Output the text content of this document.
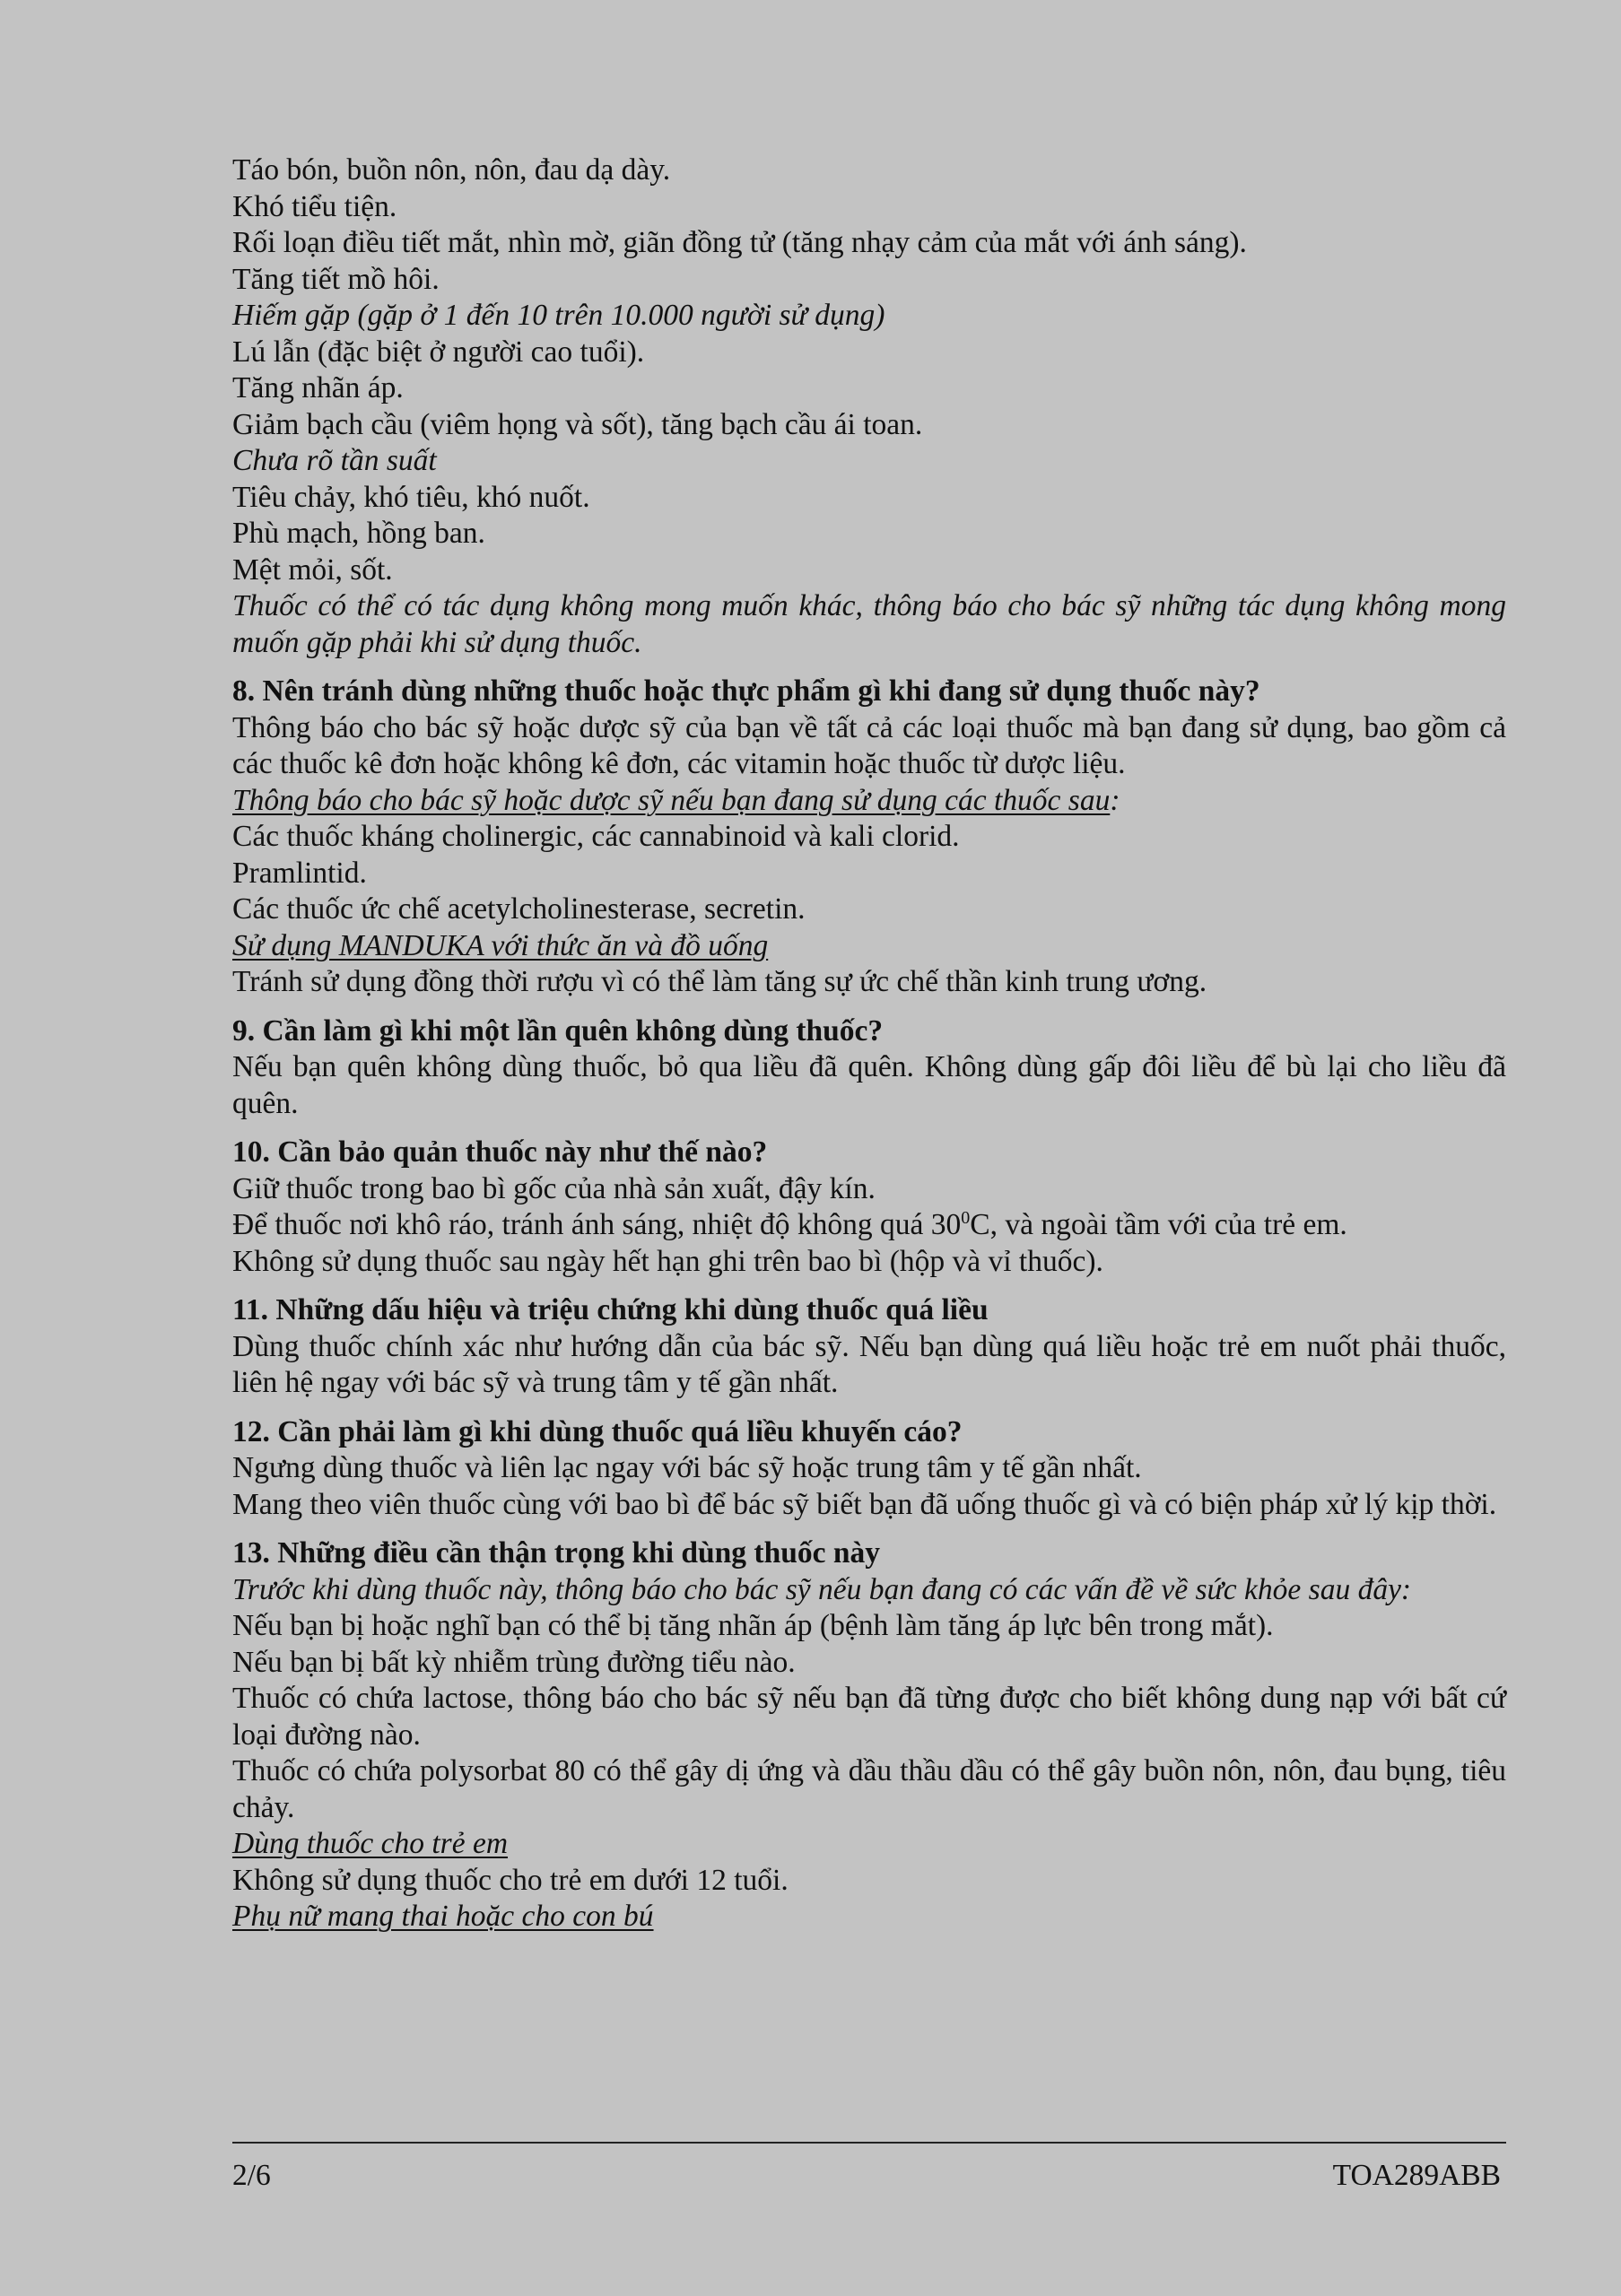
Táo bón, buồn nôn, nôn, đau dạ dày.
Khó tiểu tiện.
Rối loạn điều tiết mắt, nhìn mờ, giãn đồng tử (tăng nhạy cảm của mắt với ánh sáng).
Tăng tiết mồ hôi.
Hiếm gặp (gặp ở 1 đến 10 trên 10.000 người sử dụng)
Lú lẫn (đặc biệt ở người cao tuổi).
Tăng nhãn áp.
Giảm bạch cầu (viêm họng và sốt), tăng bạch cầu ái toan.
Chưa rõ tần suất
Tiêu chảy, khó tiêu, khó nuốt.
Phù mạch, hồng ban.
Mệt mỏi, sốt.
Thuốc có thể có tác dụng không mong muốn khác, thông báo cho bác sỹ những tác dụng không mong muốn gặp phải khi sử dụng thuốc.
8. Nên tránh dùng những thuốc hoặc thực phẩm gì khi đang sử dụng thuốc này?
Thông báo cho bác sỹ hoặc dược sỹ của bạn về tất cả các loại thuốc mà bạn đang sử dụng, bao gồm cả các thuốc kê đơn hoặc không kê đơn, các vitamin hoặc thuốc từ dược liệu.
Thông báo cho bác sỹ hoặc dược sỹ nếu bạn đang sử dụng các thuốc sau:
Các thuốc kháng cholinergic, các cannabinoid và kali clorid.
Pramlintid.
Các thuốc ức chế acetylcholinesterase, secretin.
Sử dụng MANDUKA với thức ăn và đồ uống
Tránh sử dụng đồng thời rượu vì có thể làm tăng sự ức chế thần kinh trung ương.
9. Cần làm gì khi một lần quên không dùng thuốc?
Nếu bạn quên không dùng thuốc, bỏ qua liều đã quên. Không dùng gấp đôi liều để bù lại cho liều đã quên.
10. Cần bảo quản thuốc này như thế nào?
Giữ thuốc trong bao bì gốc của nhà sản xuất, đậy kín.
Để thuốc nơi khô ráo, tránh ánh sáng, nhiệt độ không quá $30^0C$, và ngoài tầm với của trẻ em.
Không sử dụng thuốc sau ngày hết hạn ghi trên bao bì (hộp và vỉ thuốc).
11. Những dấu hiệu và triệu chứng khi dùng thuốc quá liều
Dùng thuốc chính xác như hướng dẫn của bác sỹ. Nếu bạn dùng quá liều hoặc trẻ em nuốt phải thuốc, liên hệ ngay với bác sỹ và trung tâm y tế gần nhất.
12. Cần phải làm gì khi dùng thuốc quá liều khuyến cáo?
Ngưng dùng thuốc và liên lạc ngay với bác sỹ hoặc trung tâm y tế gần nhất.
Mang theo viên thuốc cùng với bao bì để bác sỹ biết bạn đã uống thuốc gì và có biện pháp xử lý kịp thời.
13. Những điều cần thận trọng khi dùng thuốc này
Trước khi dùng thuốc này, thông báo cho bác sỹ nếu bạn đang có các vấn đề về sức khỏe sau đây:
Nếu bạn bị hoặc nghĩ bạn có thể bị tăng nhãn áp (bệnh làm tăng áp lực bên trong mắt).
Nếu bạn bị bất kỳ nhiễm trùng đường tiểu nào.
Thuốc có chứa lactose, thông báo cho bác sỹ nếu bạn đã từng được cho biết không dung nạp với bất cứ loại đường nào.
Thuốc có chứa polysorbat 80 có thể gây dị ứng và dầu thầu dầu có thể gây buồn nôn, nôn, đau bụng, tiêu chảy.
Dùng thuốc cho trẻ em
Không sử dụng thuốc cho trẻ em dưới 12 tuổi.
Phụ nữ mang thai hoặc cho con bú
2/6	TOA289ABB
